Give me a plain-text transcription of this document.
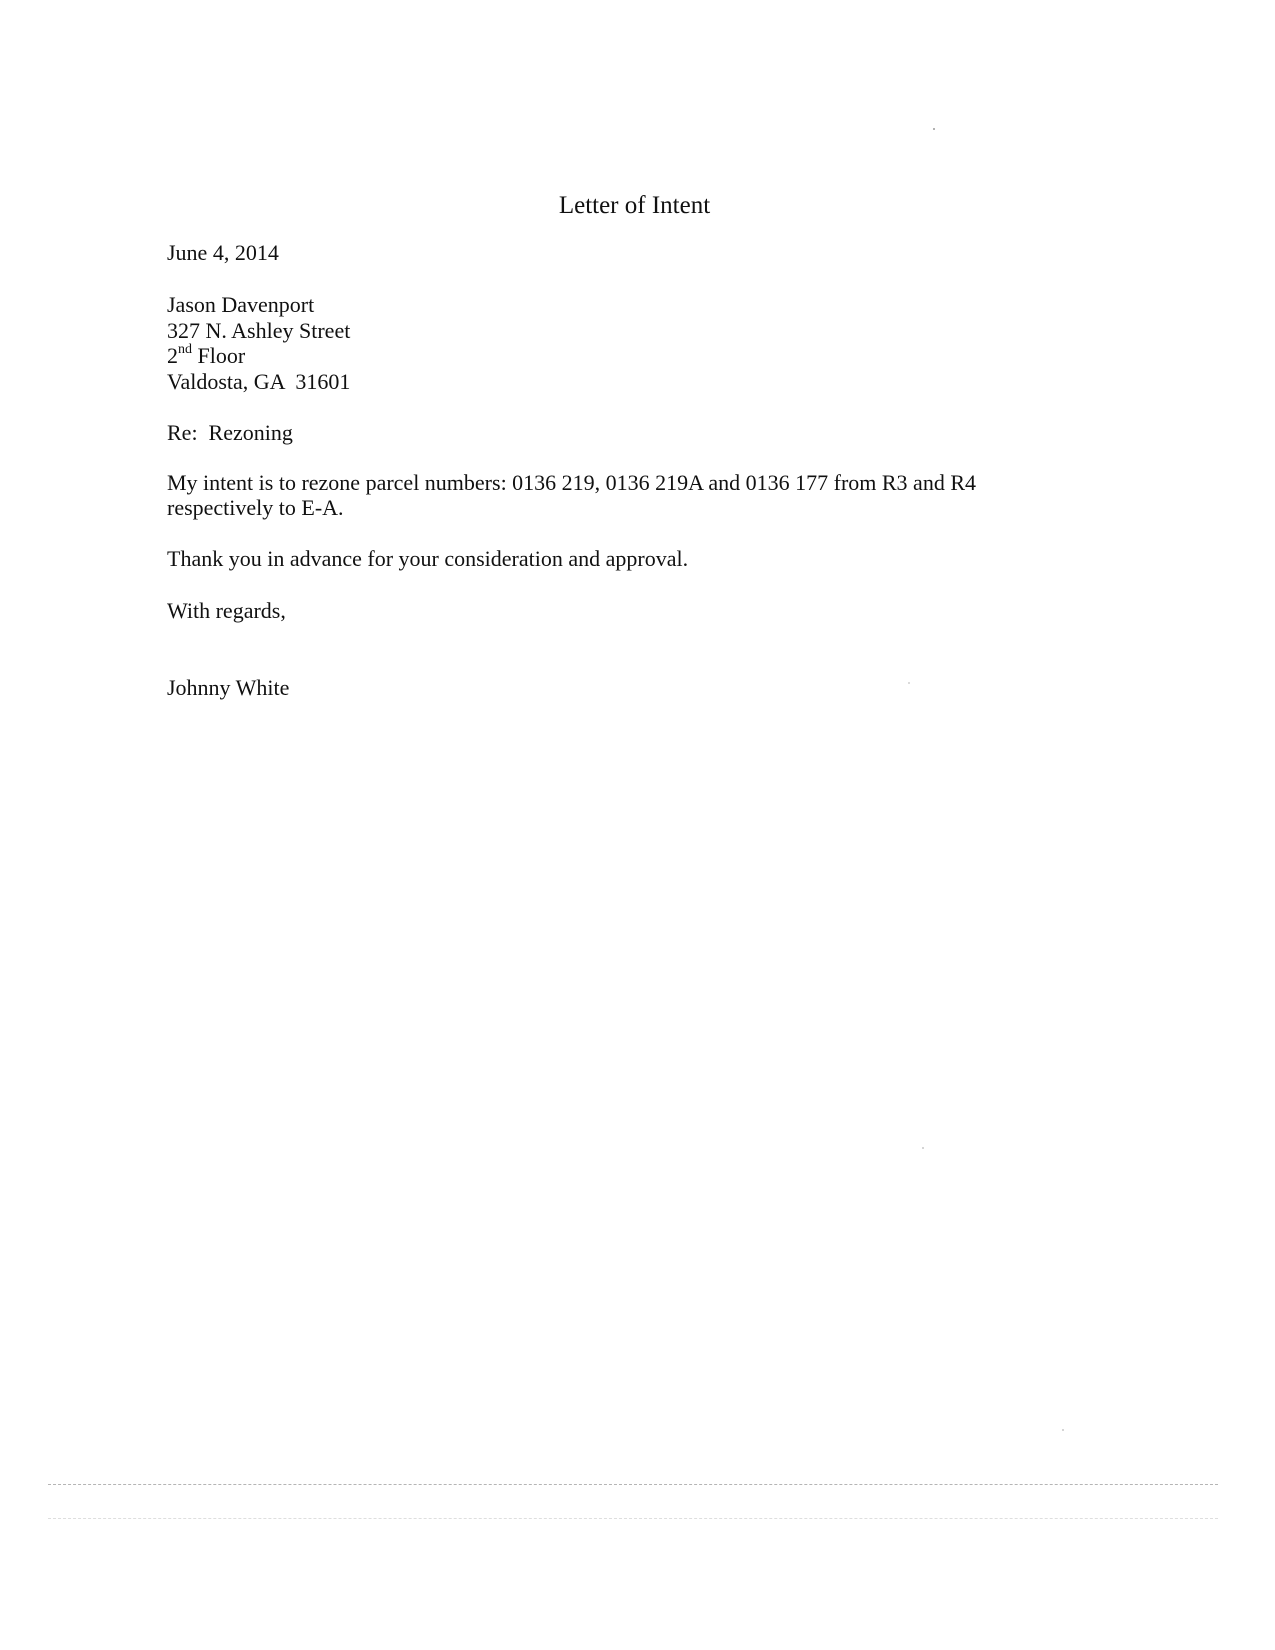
Letter of Intent
June 4, 2014
Jason Davenport
327 N. Ashley Street
2nd Floor
Valdosta, GA  31601
Re:  Rezoning
My intent is to rezone parcel numbers: 0136 219, 0136 219A and 0136 177 from R3 and R4
respectively to E-A.
Thank you in advance for your consideration and approval.
With regards,
Johnny White
